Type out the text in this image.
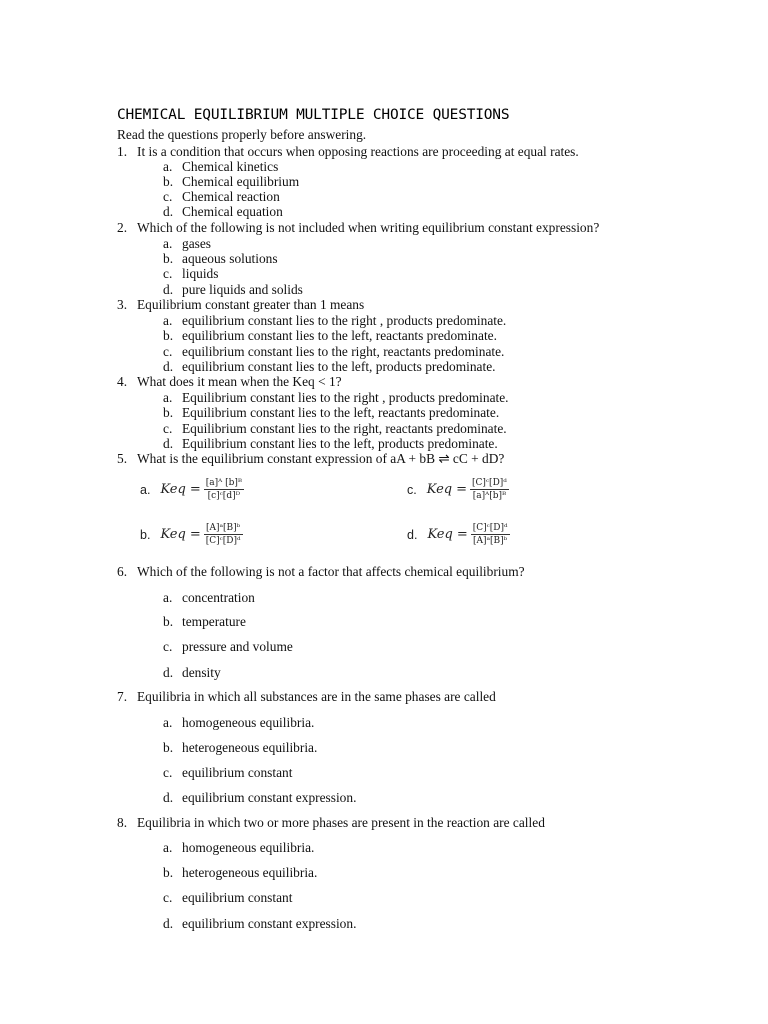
CHEMICAL EQUILIBRIUM MULTIPLE CHOICE QUESTIONS
Read the questions properly before answering.
1. It is a condition that occurs when opposing reactions are proceeding at equal rates.
a. Chemical kinetics
b. Chemical equilibrium
c. Chemical reaction
d. Chemical equation
2. Which of the following is not included when writing equilibrium constant expression?
a. gases
b. aqueous solutions
c. liquids
d. pure liquids and solids
3. Equilibrium constant greater than 1 means
a. equilibrium constant lies to the right , products predominate.
b. equilibrium constant lies to the left, reactants predominate.
c. equilibrium constant lies to the right, reactants predominate.
d. equilibrium constant lies to the left, products predominate.
4. What does it mean when the Keq < 1?
a. Equilibrium constant lies to the right , products predominate.
b. Equilibrium constant lies to the left, reactants predominate.
c. Equilibrium constant lies to the right, reactants predominate.
d. Equilibrium constant lies to the left, products predominate.
5. What is the equilibrium constant expression of aA + bB ⇌ cC + dD?
a. Keq = $\frac{\text{[a]ᴬ [b]ᴮ}}{\text{[c]ᶜ[d]ᴰ}}$	c. Keq = $\frac{\text{[C]ᶜ[D]ᵈ}}{\text{[a]ᴬ[b]ᴮ}}$
b. Keq = $\frac{\text{[A]ᵃ[B]ᵇ}}{\text{[C]ᶜ[D]ᵈ}}$	d. Keq = $\frac{\text{[C]ᶜ[D]ᵈ}}{\text{[A]ᵃ[B]ᵇ}}$
6. Which of the following is not a factor that affects chemical equilibrium?
a. concentration
b. temperature
c. pressure and volume
d. density
7. Equilibria in which all substances are in the same phases are called
a. homogeneous equilibria.
b. heterogeneous equilibria.
c. equilibrium constant
d. equilibrium constant expression.
8. Equilibria in which two or more phases are present in the reaction are called
a. homogeneous equilibria.
b. heterogeneous equilibria.
c. equilibrium constant
d. equilibrium constant expression.
